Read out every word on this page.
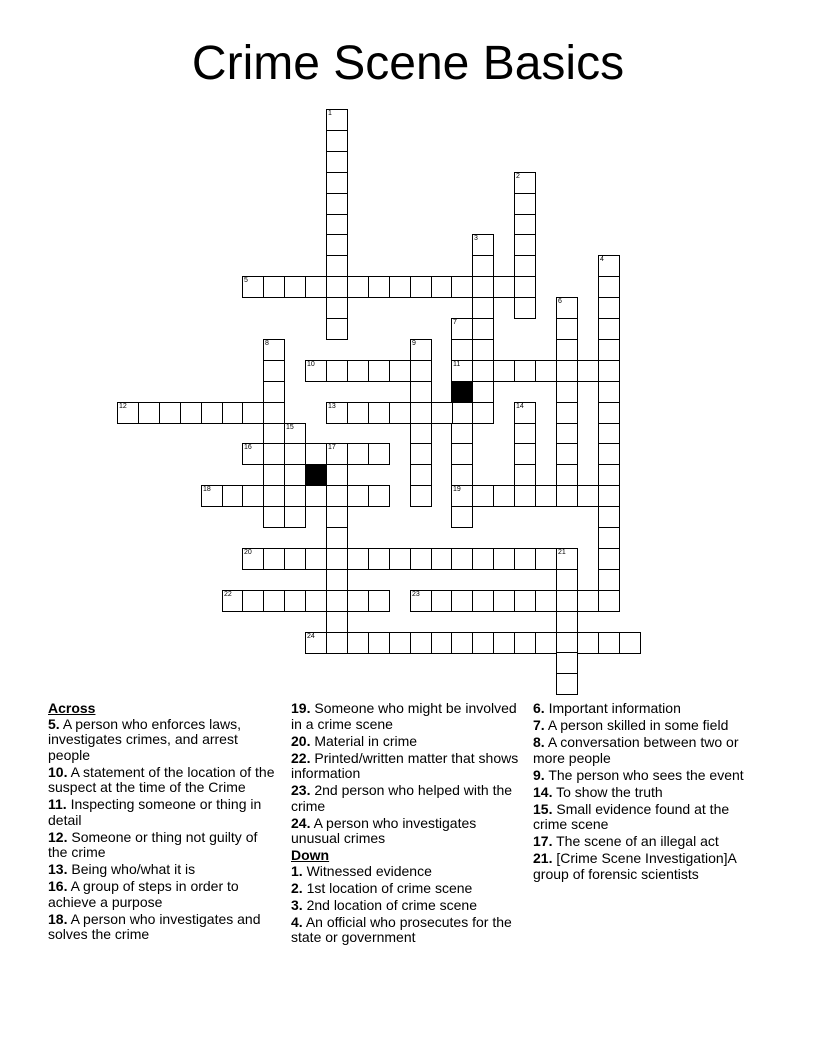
Crime Scene Basics
1
2
3
4
5
6
7
11
19
8	9
10
12	13	14
15
16	17
18
20	21
22	23
24
Across
5. A person who enforces laws, investigates crimes, and arrest people
10. A statement of the location of the suspect at the time of the Crime
11. Inspecting someone or thing in detail
12. Someone or thing not guilty of the crime
13. Being who/what it is
16. A group of steps in order to achieve a purpose
18. A person who investigates and solves the crime
19. Someone who might be involved in a crime scene
20. Material in crime
22. Printed/written matter that shows information
23. 2nd person who helped with the crime
24. A person who investigates unusual crimes
Down
1. Witnessed evidence
2. 1st location of crime scene
3. 2nd location of crime scene
4. An official who prosecutes for the state or government
6. Important information
7. A person skilled in some field
8. A conversation between two or more people
9. The person who sees the event
14. To show the truth
15. Small evidence found at the crime scene
17. The scene of an illegal act
21. [Crime Scene Investigation]A group of forensic scientists
